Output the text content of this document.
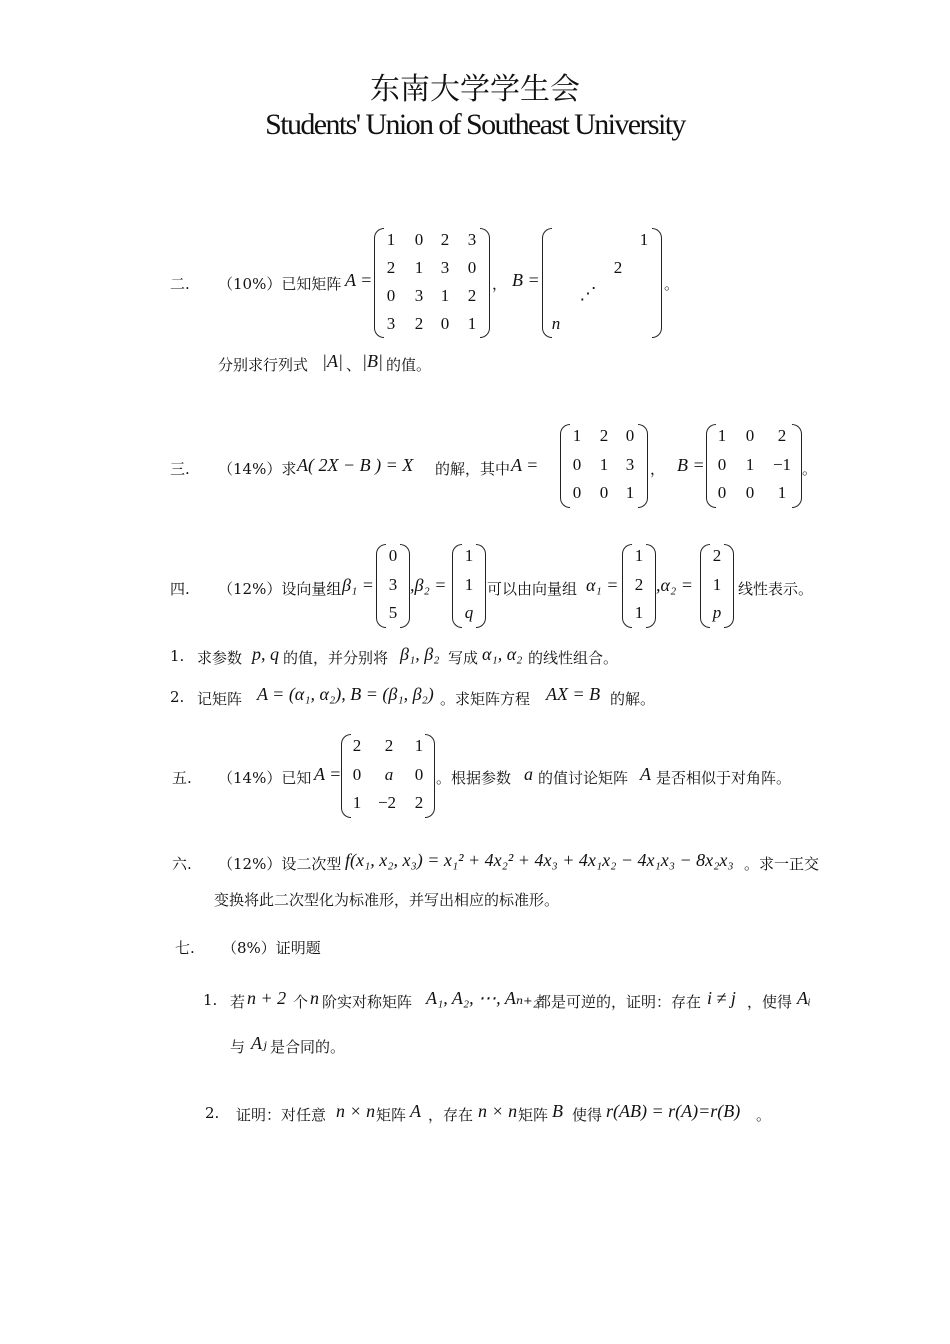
东南大学学生会
Students' Union of Southeast University
二. （10%）已知矩阵 A =
1	0	2	3
2	1	3	0
0	3	1	2
3	2	0	1
， B =
1
2
⋰
n
。
分别求行列式 |A| 、 |B| 的值。
三. （14%）求 A( 2X − B ) = X 的解，其中 A =
1	2	0
0	1	3
0	0	1
， B =
1	0	2
0	1	−1
0	0	1
。
四. （12%）设向量组 β₁ =
0
3
5
,β₂ =
1
1
q
可以由向量组 α₁ =
1
2
1
,α₂ =
2
1
p
线性表示。
1. 求参数 p, q 的值，并分别将 β₁, β₂ 写成 α₁, α₂ 的线性组合。
2. 记矩阵 A = (α₁, α₂), B = (β₁, β₂) 。求矩阵方程 AX = B 的解。
五. （14%）已知 A =
2	2	1
0	a	0
1 −2	2
。根据参数 a 的值讨论矩阵 A 是否相似于对角阵。
六. （12%）设二次型 f(x₁, x₂, x₃) = x₁² + 4x₂² + 4x₃ + 4x₁x₂ − 4x₁x₃ − 8x₂x₃ 。求一正交
变换将此二次型化为标准形，并写出相应的标准形。
七. （8%）证明题
1. 若 n + 2 个 n 阶实对称矩阵 A₁, A₂, ⋯, Aₙ₊₂
都是可逆的，证明：存在 i ≠ j ，使得 Aᵢ
与 Aⱼ 是合同的。
2. 证明：对任意 n × n 矩阵 A ，存在 n × n 矩阵 B 使得 r(AB) = r(A)=r(B) 。
